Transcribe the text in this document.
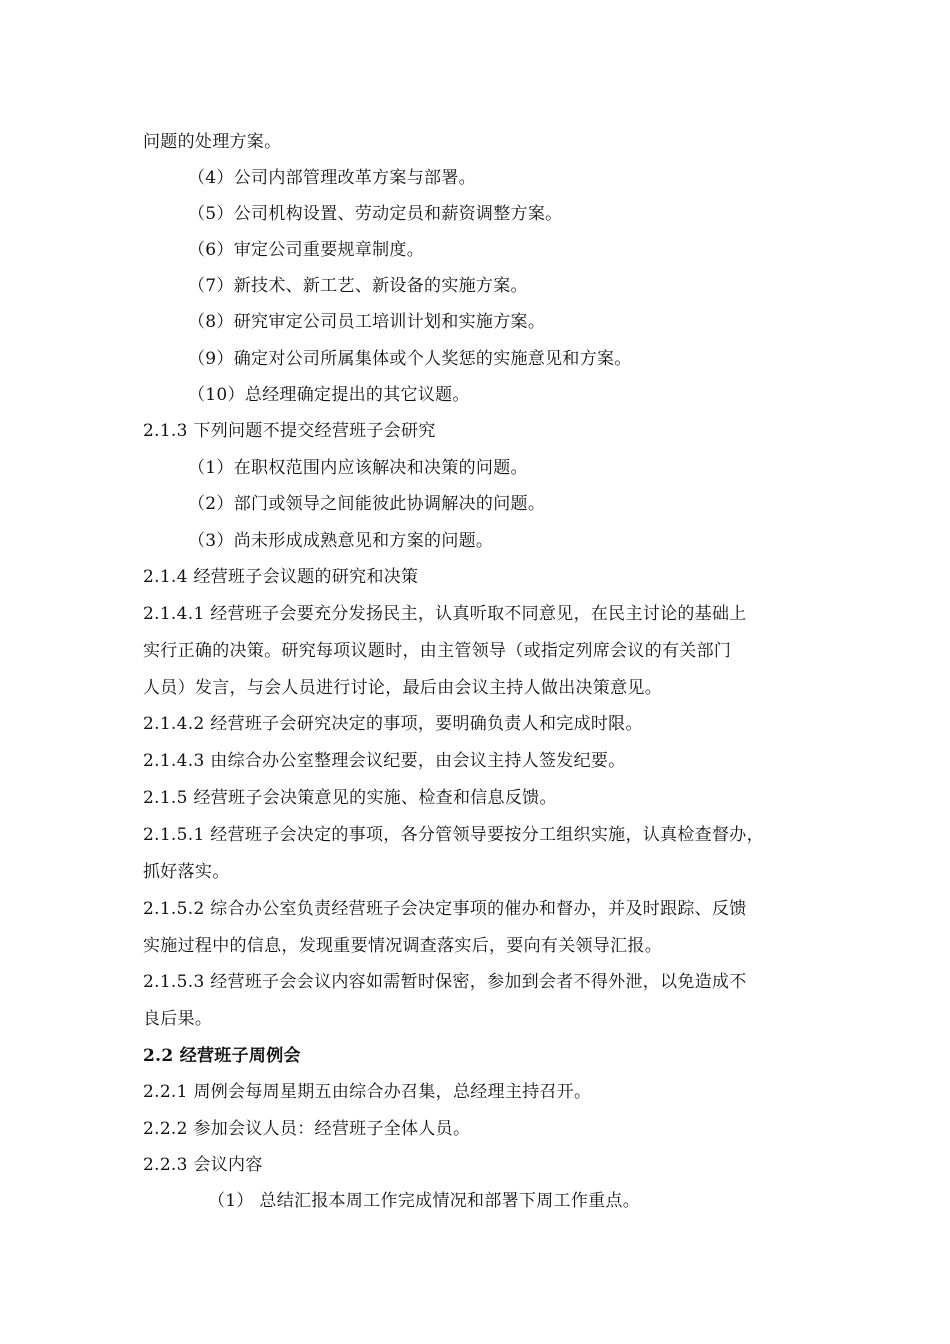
问题的处理方案。
（4）公司内部管理改革方案与部署。
（5）公司机构设置、劳动定员和薪资调整方案。
（6）审定公司重要规章制度。
（7）新技术、新工艺、新设备的实施方案。
（8）研究审定公司员工培训计划和实施方案。
（9）确定对公司所属集体或个人奖惩的实施意见和方案。
（10）总经理确定提出的其它议题。
2.1.3 下列问题不提交经营班子会研究
（1）在职权范围内应该解决和决策的问题。
（2）部门或领导之间能彼此协调解决的问题。
（3）尚未形成成熟意见和方案的问题。
2.1.4 经营班子会议题的研究和决策
2.1.4.1 经营班子会要充分发扬民主，认真听取不同意见，在民主讨论的基础上
实行正确的决策。研究每项议题时，由主管领导（或指定列席会议的有关部门
人员）发言，与会人员进行讨论，最后由会议主持人做出决策意见。
2.1.4.2 经营班子会研究决定的事项，要明确负责人和完成时限。
2.1.4.3 由综合办公室整理会议纪要，由会议主持人签发纪要。
2.1.5 经营班子会决策意见的实施、检查和信息反馈。
2.1.5.1 经营班子会决定的事项，各分管领导要按分工组织实施，认真检查督办，
抓好落实。
2.1.5.2 综合办公室负责经营班子会决定事项的催办和督办，并及时跟踪、反馈
实施过程中的信息，发现重要情况调查落实后，要向有关领导汇报。
2.1.5.3 经营班子会会议内容如需暂时保密，参加到会者不得外泄，以免造成不
良后果。
2.2 经营班子周例会
2.2.1 周例会每周星期五由综合办召集，总经理主持召开。
2.2.2 参加会议人员：经营班子全体人员。
2.2.3 会议内容
（1） 总结汇报本周工作完成情况和部署下周工作重点。
